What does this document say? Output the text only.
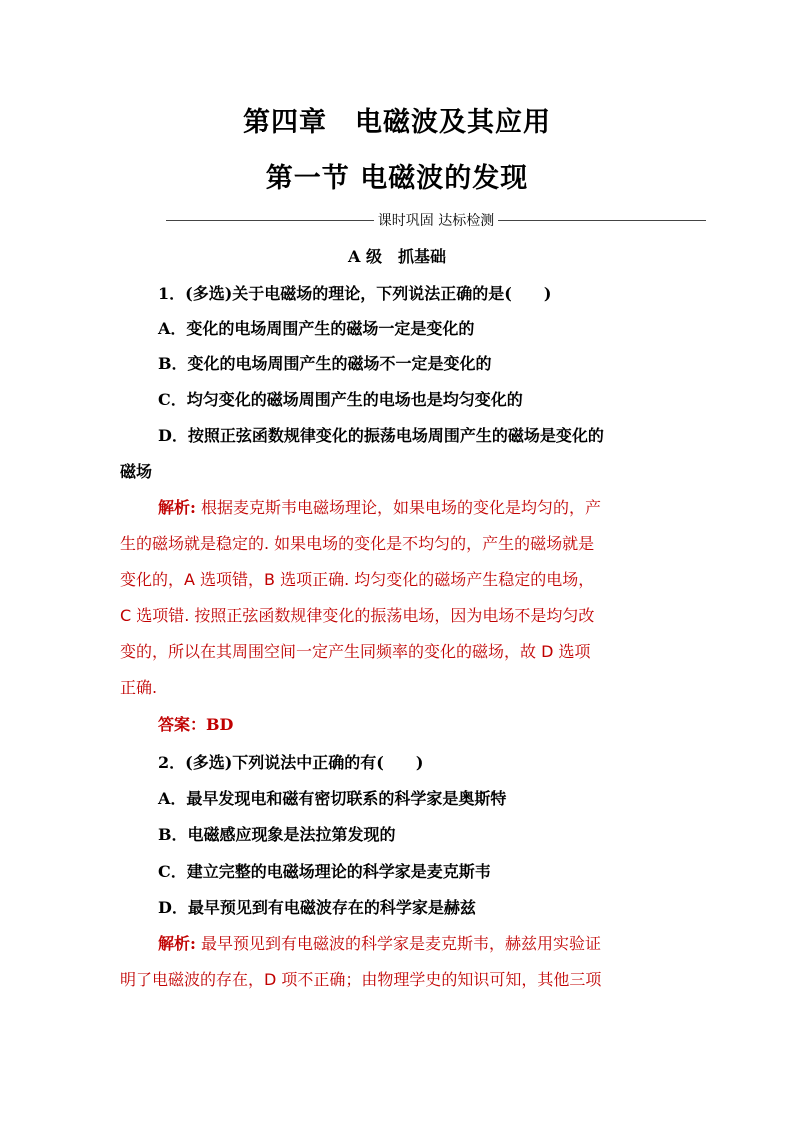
第四章　电磁波及其应用
第一节 电磁波的发现
课时巩固 达标检测
A 级　抓基础
1．(多选)关于电磁场的理论，下列说法正确的是(　　)
A．变化的电场周围产生的磁场一定是变化的
B．变化的电场周围产生的磁场不一定是变化的
C．均匀变化的磁场周围产生的电场也是均匀变化的
D．按照正弦函数规律变化的振荡电场周围产生的磁场是变化的
磁场
解析: 根据麦克斯韦电磁场理论，如果电场的变化是均匀的，产
生的磁场就是稳定的. 如果电场的变化是不均匀的，产生的磁场就是
变化的，A 选项错，B 选项正确. 均匀变化的磁场产生稳定的电场，
C 选项错. 按照正弦函数规律变化的振荡电场，因为电场不是均匀改
变的，所以在其周围空间一定产生同频率的变化的磁场，故 D 选项
正确.
答案：BD
2．(多选)下列说法中正确的有(　　)
A．最早发现电和磁有密切联系的科学家是奥斯特
B．电磁感应现象是法拉第发现的
C．建立完整的电磁场理论的科学家是麦克斯韦
D．最早预见到有电磁波存在的科学家是赫兹
解析: 最早预见到有电磁波的科学家是麦克斯韦，赫兹用实验证
明了电磁波的存在，D 项不正确；由物理学史的知识可知，其他三项
